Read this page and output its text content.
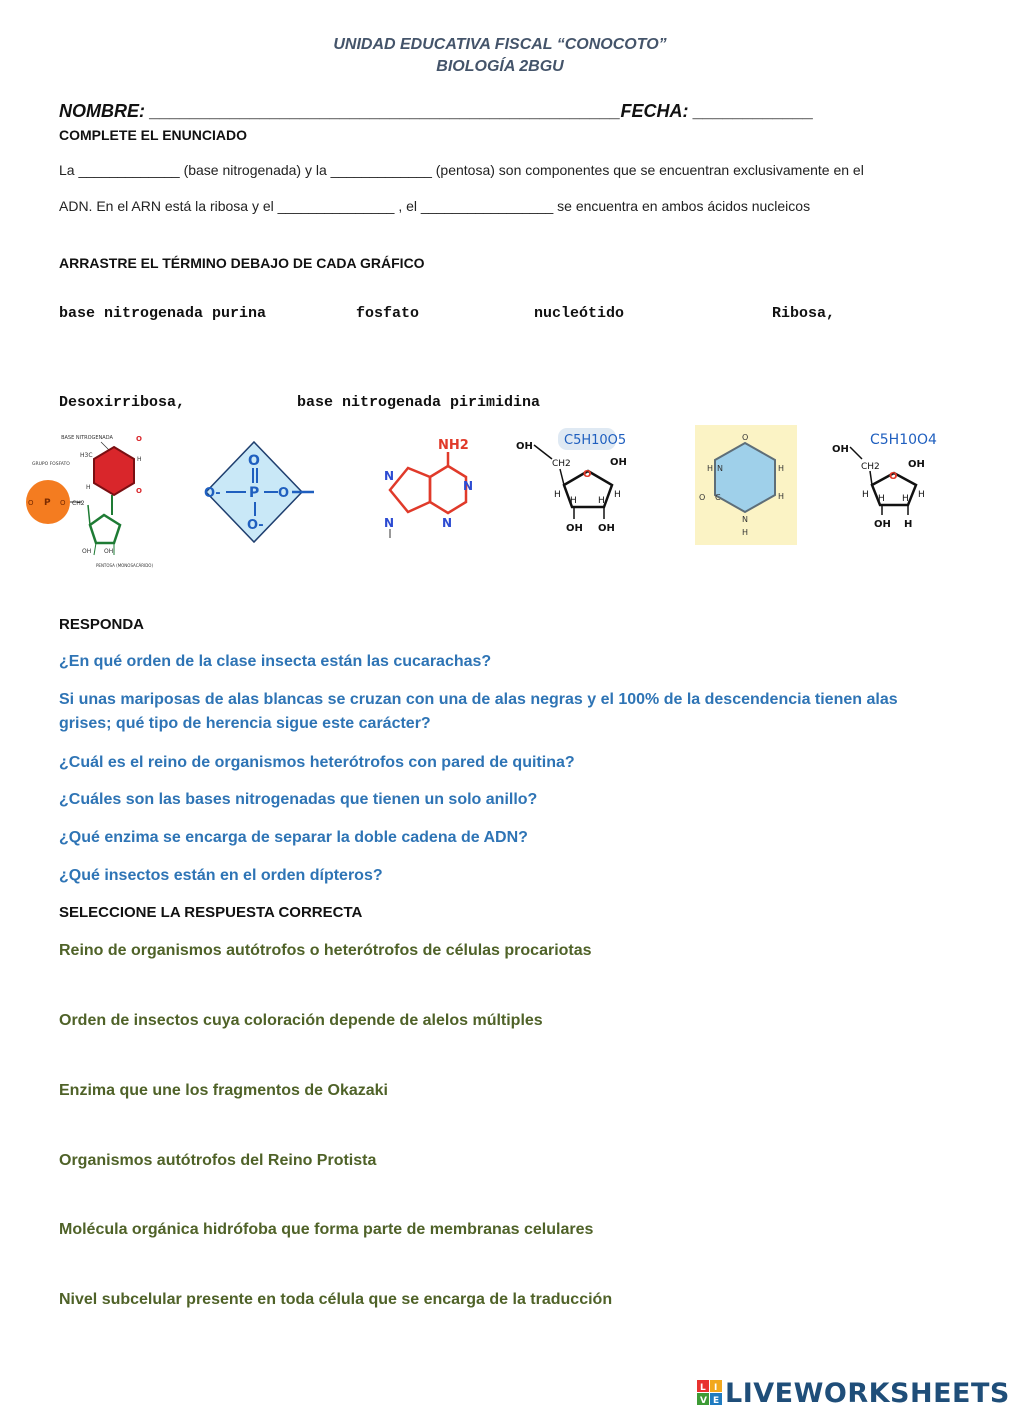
UNIDAD EDUCATIVA FISCAL “CONOCOTO”
BIOLOGÍA 2BGU
NOMBRE: _______________________________________________FECHA: ____________
COMPLETE EL ENUNCIADO
La _____________ (base nitrogenada) y la _____________ (pentosa) son componentes que se encuentran exclusivamente en el
ADN. En el ARN está la ribosa y el _______________ , el _________________ se encuentra en ambos ácidos nucleicos
ARRASTRE EL TÉRMINO DEBAJO DE CADA GRÁFICO
base nitrogenada purina	fosfato	nucleótido	Ribosa,
Desoxirribosa,	base nitrogenada pirimidina
BASE NITROGENADA	O
O
H3C
H
H
GRUPO FOSFATO
P
O	O CH2
OH OH
PENTOSA (MONOSACÁRIDO)
P
O
O-	O
O-
NH2
N
N
N
N
C5H10O5
OH
CH2
O
OH
H	H
H H
OH OH
O
N
H	H
H
O C
N
H
C5H10O4
OH
CH2
O
OH
H	H
H H
OH H
RESPONDA
¿En qué orden de la clase insecta están las cucarachas?
Si unas mariposas de alas blancas se cruzan con una de alas negras y el 100% de la descendencia tienen alas grises; qué tipo de herencia sigue este carácter?
¿Cuál es el reino de organismos heterótrofos con pared de quitina?
¿Cuáles son las bases nitrogenadas que tienen un solo anillo?
¿Qué enzima se encarga de separar la doble cadena de ADN?
¿Qué insectos están en el orden dípteros?
SELECCIONE LA RESPUESTA CORRECTA
Reino de organismos autótrofos o heterótrofos de células procariotas
Orden de insectos cuya coloración depende de alelos múltiples
Enzima que une los fragmentos de Okazaki
Organismos autótrofos del Reino Protista
Molécula orgánica hidrófoba que forma parte de membranas celulares
Nivel subcelular presente en toda célula que se encarga de la traducción
L I
V E LIVEWORKSHEETS
